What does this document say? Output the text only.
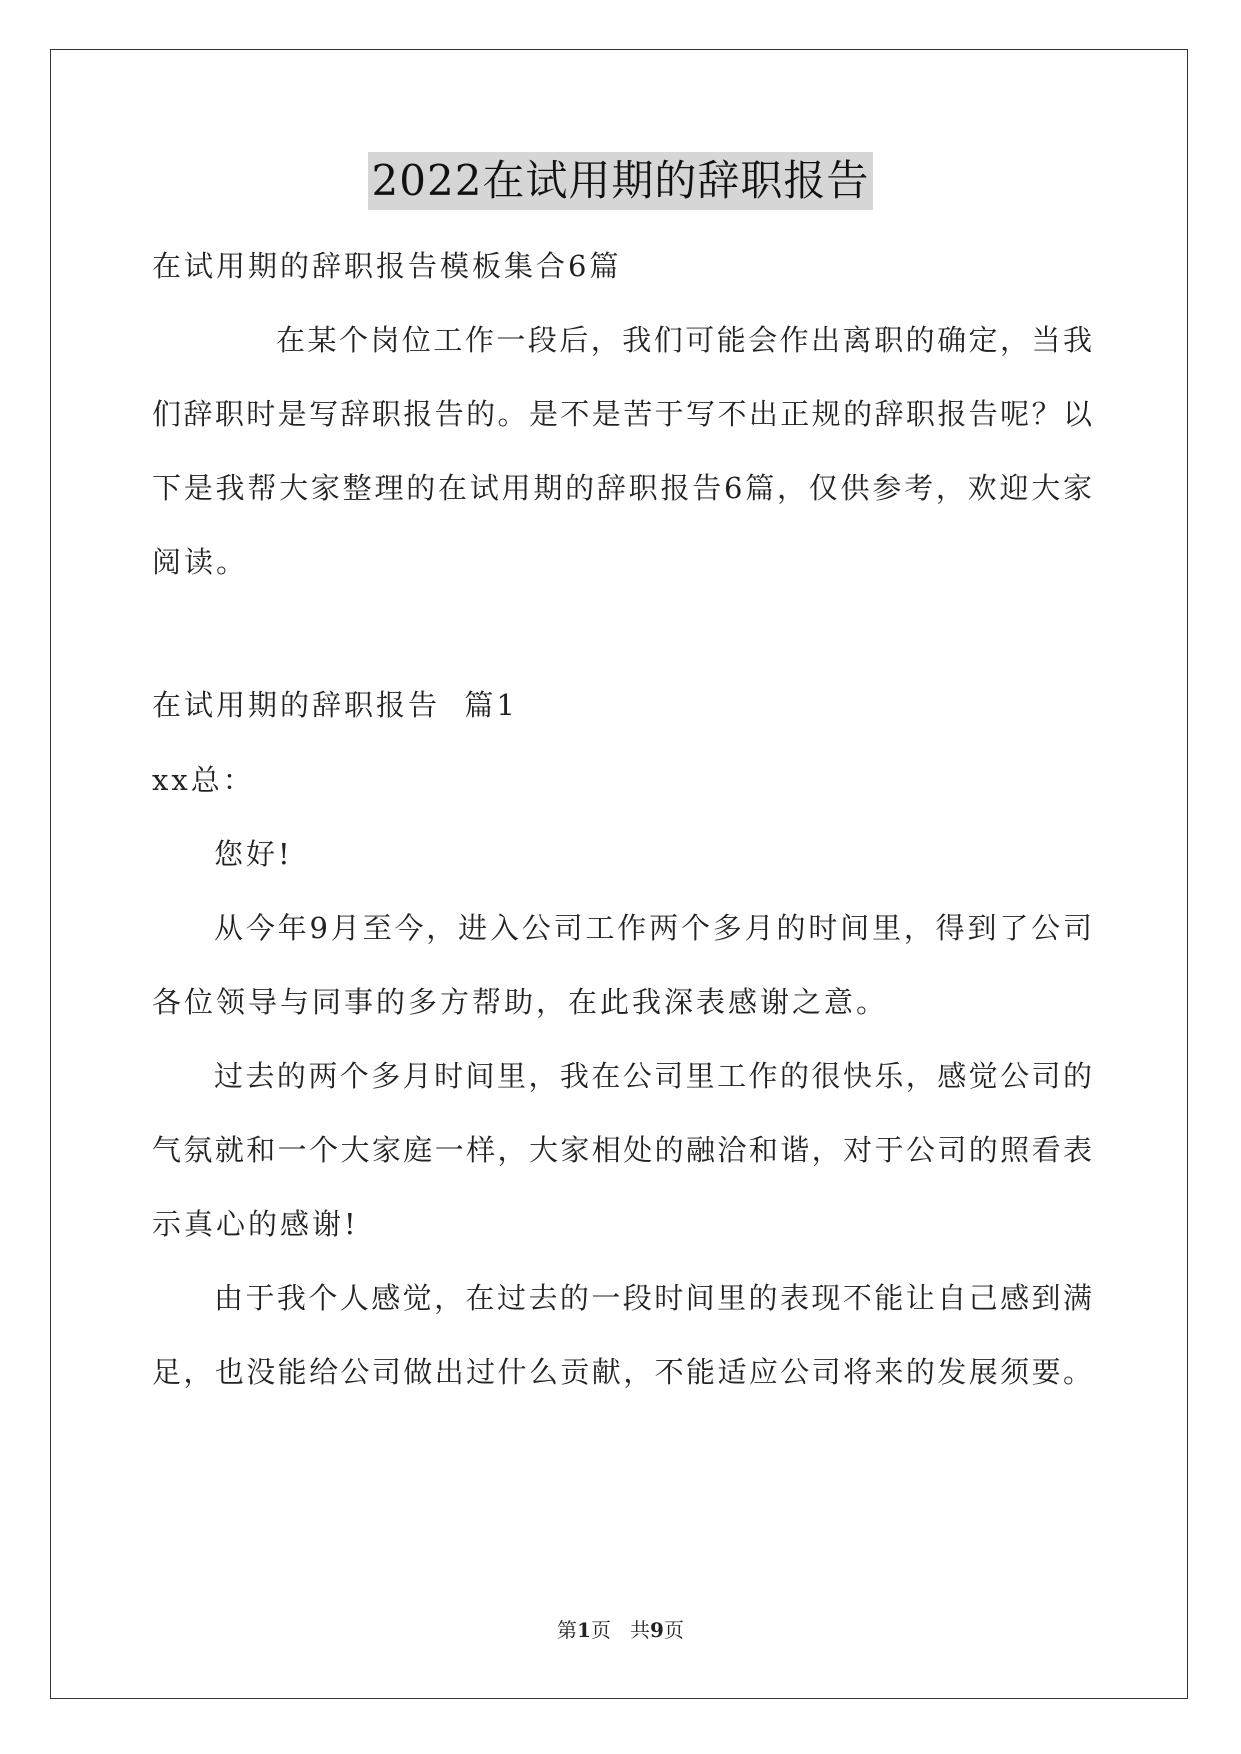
2022在试用期的辞职报告
在试用期的辞职报告模板集合6篇
在某个岗位工作一段后，我们可能会作出离职的确定，当我
们辞职时是写辞职报告的。是不是苦于写不出正规的辞职报告呢？以
下是我帮大家整理的在试用期的辞职报告6篇，仅供参考，欢迎大家
阅读。
在试用期的辞职报告  篇1
xx总：
您好!
从今年9月至今，进入公司工作两个多月的时间里，得到了公司
各位领导与同事的多方帮助，在此我深表感谢之意。
过去的两个多月时间里，我在公司里工作的很快乐，感觉公司的
气氛就和一个大家庭一样，大家相处的融洽和谐，对于公司的照看表
示真心的感谢!
由于我个人感觉，在过去的一段时间里的表现不能让自己感到满
足，也没能给公司做出过什么贡献，不能适应公司将来的发展须要。
第1页   共9页
